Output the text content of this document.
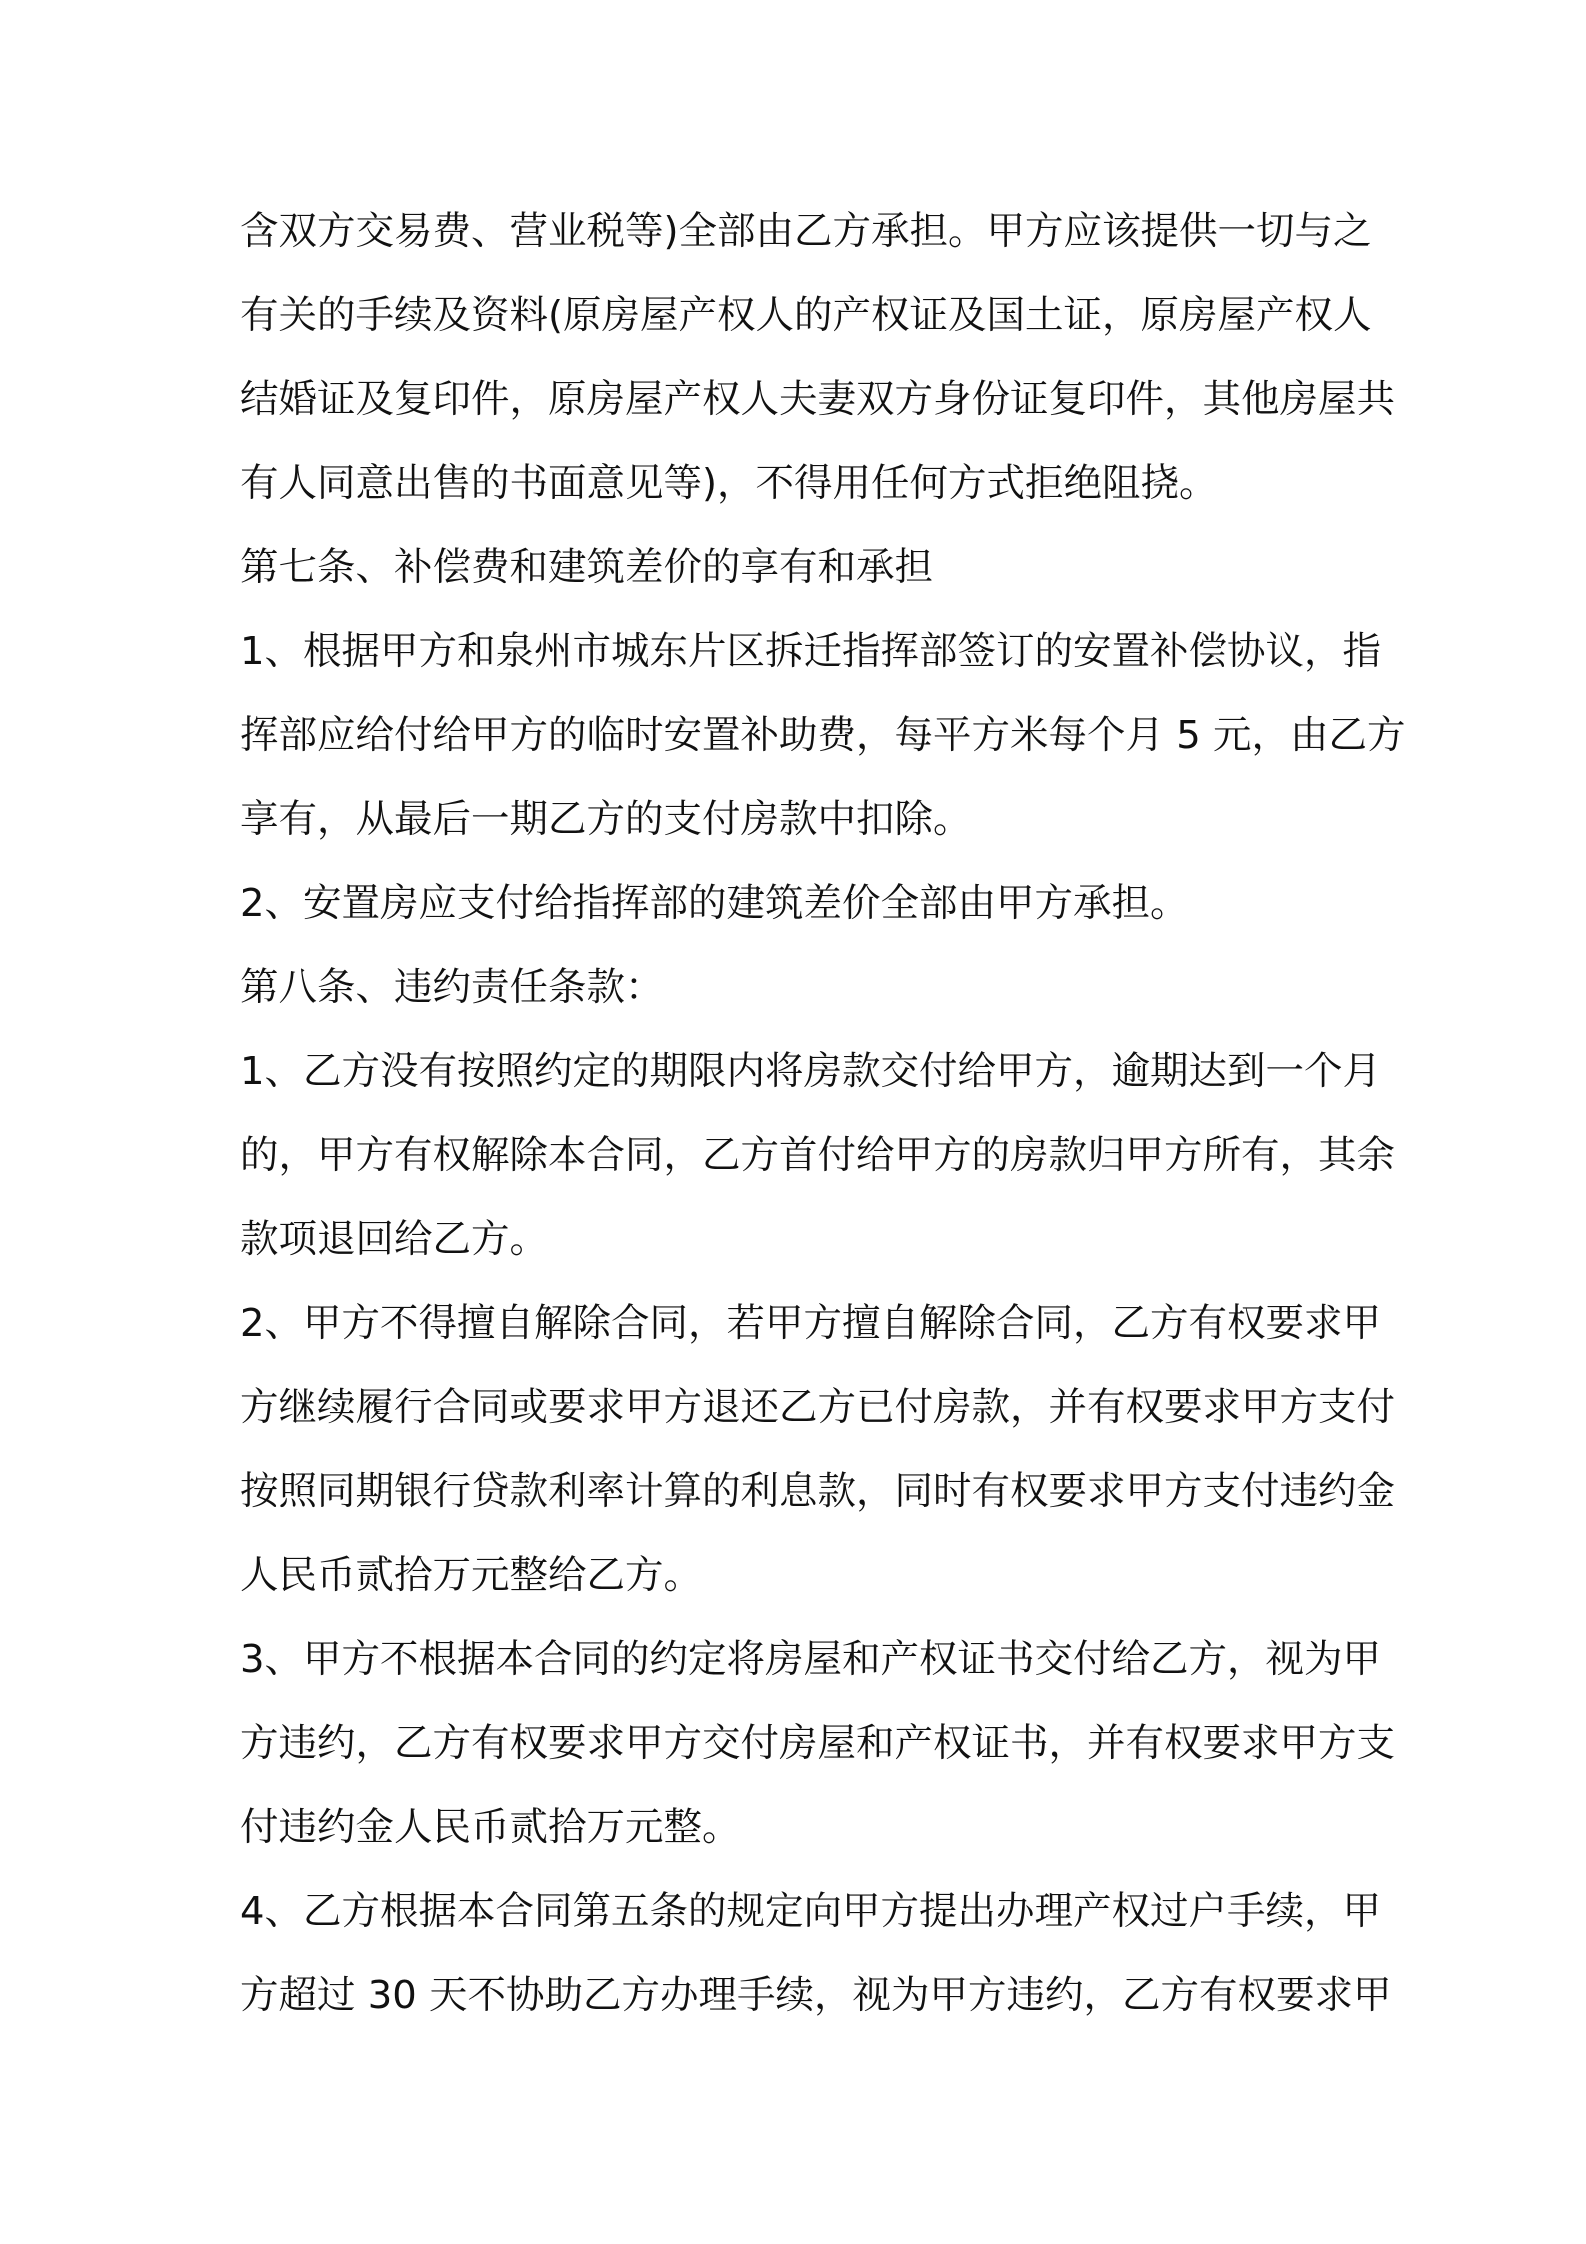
含双方交易费、营业税等)全部由乙方承担。甲方应该提供一切与之
有关的手续及资料(原房屋产权人的产权证及国土证，原房屋产权人
结婚证及复印件，原房屋产权人夫妻双方身份证复印件，其他房屋共
有人同意出售的书面意见等)，不得用任何方式拒绝阻挠。
第七条、补偿费和建筑差价的享有和承担
1、根据甲方和泉州市城东片区拆迁指挥部签订的安置补偿协议，指
挥部应给付给甲方的临时安置补助费，每平方米每个月 5 元，由乙方
享有，从最后一期乙方的支付房款中扣除。
2、安置房应支付给指挥部的建筑差价全部由甲方承担。
第八条、违约责任条款：
1、乙方没有按照约定的期限内将房款交付给甲方，逾期达到一个月
的，甲方有权解除本合同，乙方首付给甲方的房款归甲方所有，其余
款项退回给乙方。
2、甲方不得擅自解除合同，若甲方擅自解除合同，乙方有权要求甲
方继续履行合同或要求甲方退还乙方已付房款，并有权要求甲方支付
按照同期银行贷款利率计算的利息款，同时有权要求甲方支付违约金
人民币贰拾万元整给乙方。
3、甲方不根据本合同的约定将房屋和产权证书交付给乙方，视为甲
方违约，乙方有权要求甲方交付房屋和产权证书，并有权要求甲方支
付违约金人民币贰拾万元整。
4、乙方根据本合同第五条的规定向甲方提出办理产权过户手续，甲
方超过 30 天不协助乙方办理手续，视为甲方违约，乙方有权要求甲
